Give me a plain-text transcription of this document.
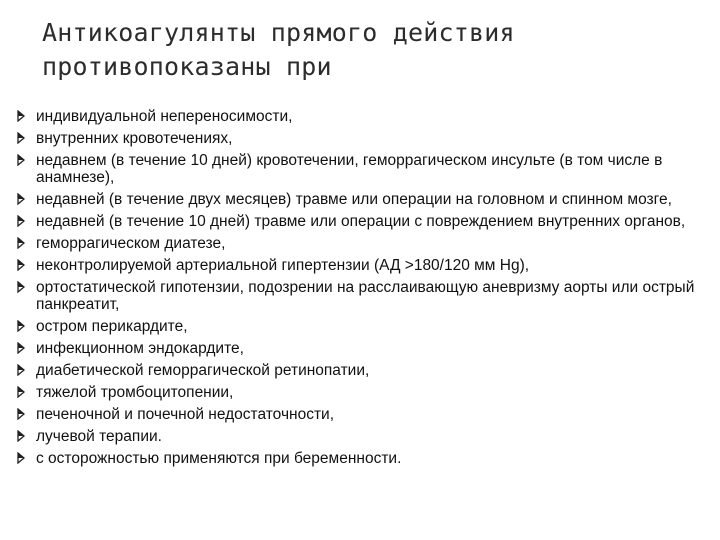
Антикоагулянты прямого действия
противопоказаны при
индивидуальной непереносимости,
внутренних кровотечениях,
недавнем (в течение 10 дней) кровотечении, геморрагическом инсульте (в том числе в анамнезе),
недавней (в течение двух месяцев) травме или операции на головном и спинном мозге,
недавней (в течение 10 дней) травме или операции с повреждением внутренних органов,
геморрагическом диатезе,
неконтролируемой артериальной гипертензии (АД >180/120 мм Hg),
ортостатической гипотензии, подозрении на расслаивающую аневризму аорты или острый панкреатит,
остром перикардите,
инфекционном эндокардите,
диабетической геморрагической ретинопатии,
тяжелой тромбоцитопении,
печеночной и почечной недостаточности,
лучевой терапии.
с осторожностью применяются при беременности.
